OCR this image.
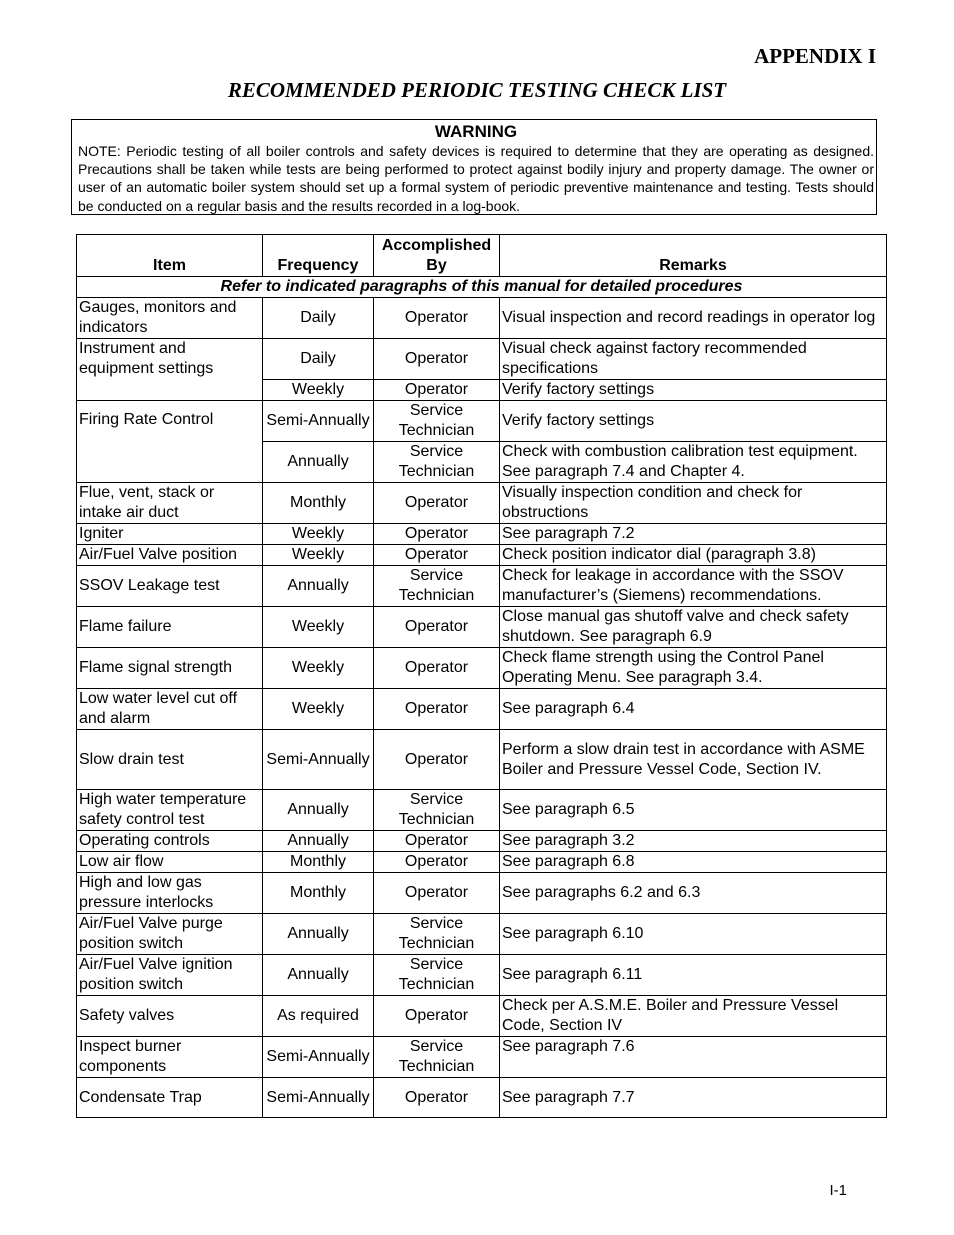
APPENDIX I
RECOMMENDED PERIODIC TESTING CHECK LIST
WARNING
NOTE: Periodic testing of all boiler controls and safety devices is required to determine that they are operating as designed. Precautions shall be taken while tests are being performed to protect against bodily injury and property damage. The owner or user of an automatic boiler system should set up a formal system of periodic preventive maintenance and testing. Tests should be conducted on a regular basis and the results recorded in a log-book.
Item	Frequency	Accomplished By	Remarks
Refer to indicated paragraphs of this manual for detailed procedures			
Gauges, monitors and indicators	Daily	Operator	Visual inspection and record readings in operator log
Instrument and equipment settings	Daily	Operator	Visual check against factory recommended specifications
	Weekly	Operator	Verify factory settings
Firing Rate Control	Semi-Annually	Service Technician	Verify factory settings
	Annually	Service Technician	Check with combustion calibration test equipment. See paragraph 7.4 and Chapter 4.
Flue, vent, stack or intake air duct	Monthly	Operator	Visually inspection condition and check for obstructions
Igniter	Weekly	Operator	See paragraph 7.2
Air/Fuel Valve position	Weekly	Operator	Check position indicator dial (paragraph 3.8)
SSOV Leakage test	Annually	Service Technician	Check for leakage in accordance with the SSOV manufacturer’s (Siemens) recommendations.
Flame failure	Weekly	Operator	Close manual gas shutoff valve and check safety shutdown. See paragraph 6.9
Flame signal strength	Weekly	Operator	Check flame strength using the Control Panel Operating Menu. See paragraph 3.4.
Low water level cut off and alarm	Weekly	Operator	See paragraph 6.4
Slow drain test	Semi-Annually	Operator	Perform a slow drain test in accordance with ASME Boiler and Pressure Vessel Code, Section IV.
High water temperature safety control test	Annually	Service Technician	See paragraph 6.5
Operating controls	Annually	Operator	See paragraph 3.2
Low air flow	Monthly	Operator	See paragraph 6.8
High and low gas pressure interlocks	Monthly	Operator	See paragraphs 6.2 and 6.3
Air/Fuel Valve purge position switch	Annually	Service Technician	See paragraph 6.10
Air/Fuel Valve ignition position switch	Annually	Service Technician	See paragraph 6.11
Safety valves	As required	Operator	Check per A.S.M.E. Boiler and Pressure Vessel Code, Section IV
Inspect burner components	Semi-Annually	Service Technician	See paragraph 7.6
Condensate Trap	Semi-Annually	Operator	See paragraph 7.7
I-1
